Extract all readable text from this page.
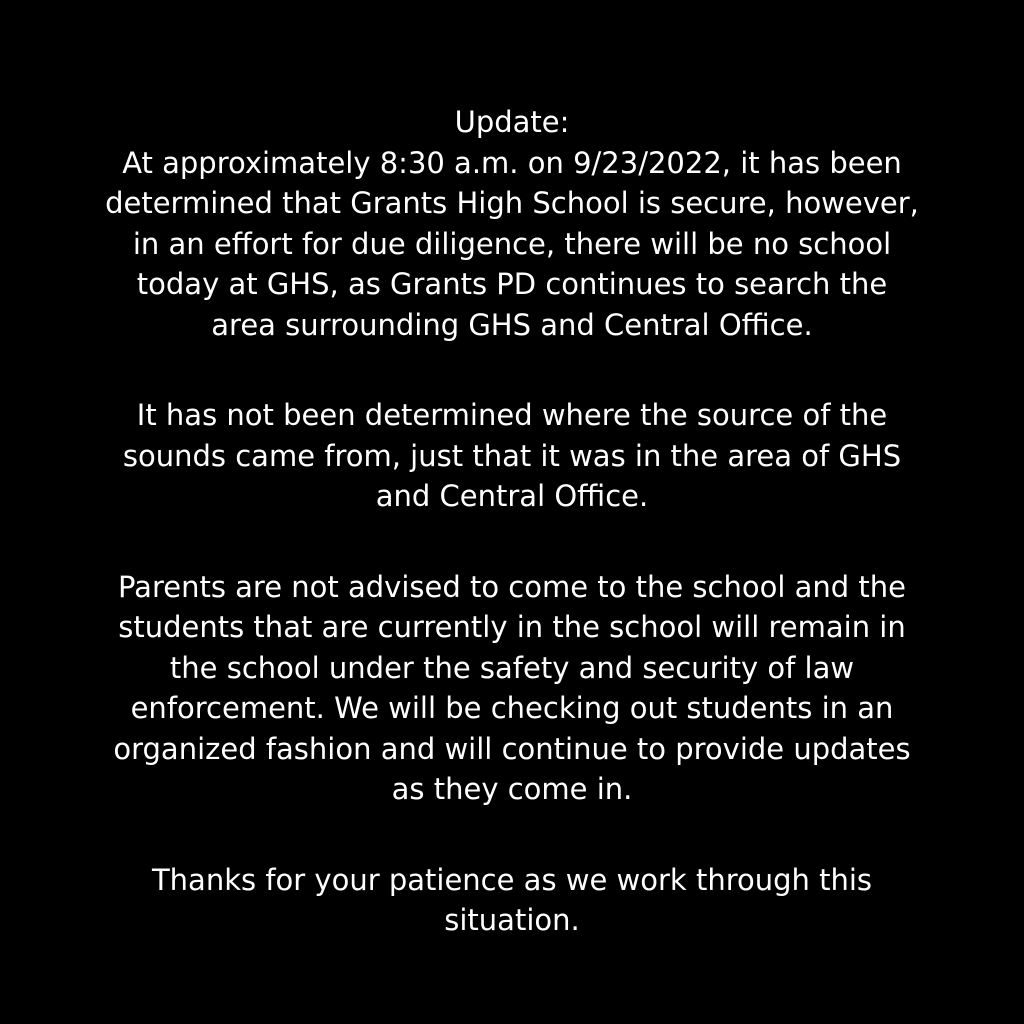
Update:

At approximately 8:30 a.m. on 9/23/2022, it has been
determined that Grants High School is secure, however,
in an effort for due diligence, there will be no school
today at GHS, as Grants PD continues to search the
area surrounding GHS and Central Office.

It has not been determined where the source of the
sounds came from, just that it was in the area of GHS
and Central Office.

Parents are not advised to come to the school and the
students that are currently in the school will remain in
the school under the safety and security of law
enforcement. We will be checking out students in an
organized fashion and will continue to provide updates
as they come in.

Thanks for your patience as we work through this
situation.
